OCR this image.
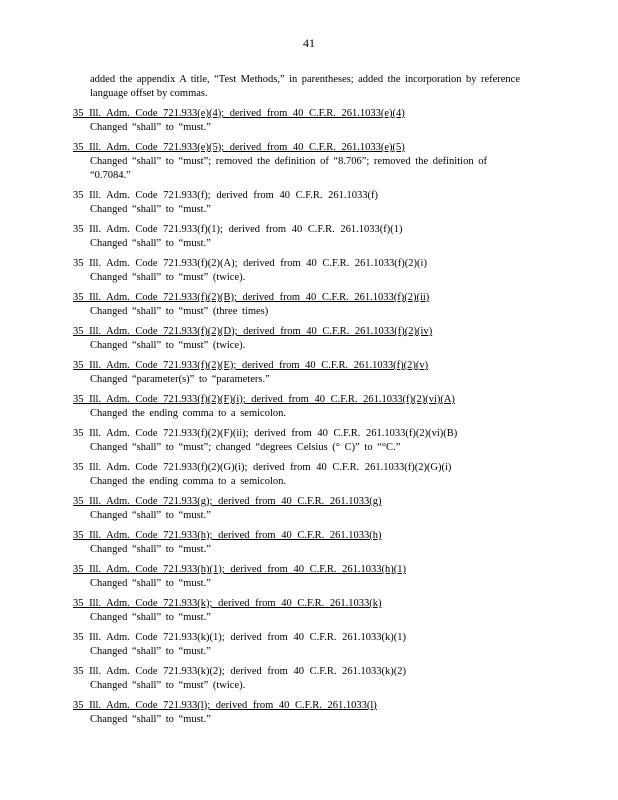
41
added the appendix A title, “Test Methods,” in parentheses; added the incorporation by reference language offset by commas.
35 Ill. Adm. Code 721.933(e)(4); derived from 40 C.F.R. 261.1033(e)(4)
Changed “shall” to “must.”
35 Ill. Adm. Code 721.933(e)(5); derived from 40 C.F.R. 261.1033(e)(5)
Changed “shall” to “must”; removed the definition of “8.706”; removed the definition of “0.7084.”
35 Ill. Adm. Code 721.933(f); derived from 40 C.F.R. 261.1033(f)
Changed “shall” to “must.”
35 Ill. Adm. Code 721.933(f)(1); derived from 40 C.F.R. 261.1033(f)(1)
Changed “shall” to “must.”
35 Ill. Adm. Code 721.933(f)(2)(A); derived from 40 C.F.R. 261.1033(f)(2)(i)
Changed “shall” to “must” (twice).
35 Ill. Adm. Code 721.933(f)(2)(B); derived from 40 C.F.R. 261.1033(f)(2)(ii)
Changed “shall” to “must” (three times)
35 Ill. Adm. Code 721.933(f)(2)(D); derived from 40 C.F.R. 261.1033(f)(2)(iv)
Changed “shall” to “must” (twice).
35 Ill. Adm. Code 721.933(f)(2)(E); derived from 40 C.F.R. 261.1033(f)(2)(v)
Changed “parameter(s)” to “parameters.”
35 Ill. Adm. Code 721.933(f)(2)(F)(i); derived from 40 C.F.R. 261.1033(f)(2)(vi)(A)
Changed the ending comma to a semicolon.
35 Ill. Adm. Code 721.933(f)(2)(F)(ii); derived from 40 C.F.R. 261.1033(f)(2)(vi)(B)
Changed “shall” to “must”; changed “degrees Celsius (° C)” to “°C.”
35 Ill. Adm. Code 721.933(f)(2)(G)(i); derived from 40 C.F.R. 261.1033(f)(2)(G)(i)
Changed the ending comma to a semicolon.
35 Ill. Adm. Code 721.933(g); derived from 40 C.F.R. 261.1033(g)
Changed “shall” to “must.”
35 Ill. Adm. Code 721.933(h); derived from 40 C.F.R. 261.1033(h)
Changed “shall” to “must.”
35 Ill. Adm. Code 721.933(h)(1); derived from 40 C.F.R. 261.1033(h)(1)
Changed “shall” to “must.”
35 Ill. Adm. Code 721.933(k); derived from 40 C.F.R. 261.1033(k)
Changed “shall” to “must.”
35 Ill. Adm. Code 721.933(k)(1); derived from 40 C.F.R. 261.1033(k)(1)
Changed “shall” to “must.”
35 Ill. Adm. Code 721.933(k)(2); derived from 40 C.F.R. 261.1033(k)(2)
Changed “shall” to “must” (twice).
35 Ill. Adm. Code 721.933(l); derived from 40 C.F.R. 261.1033(l)
Changed “shall” to “must.”
